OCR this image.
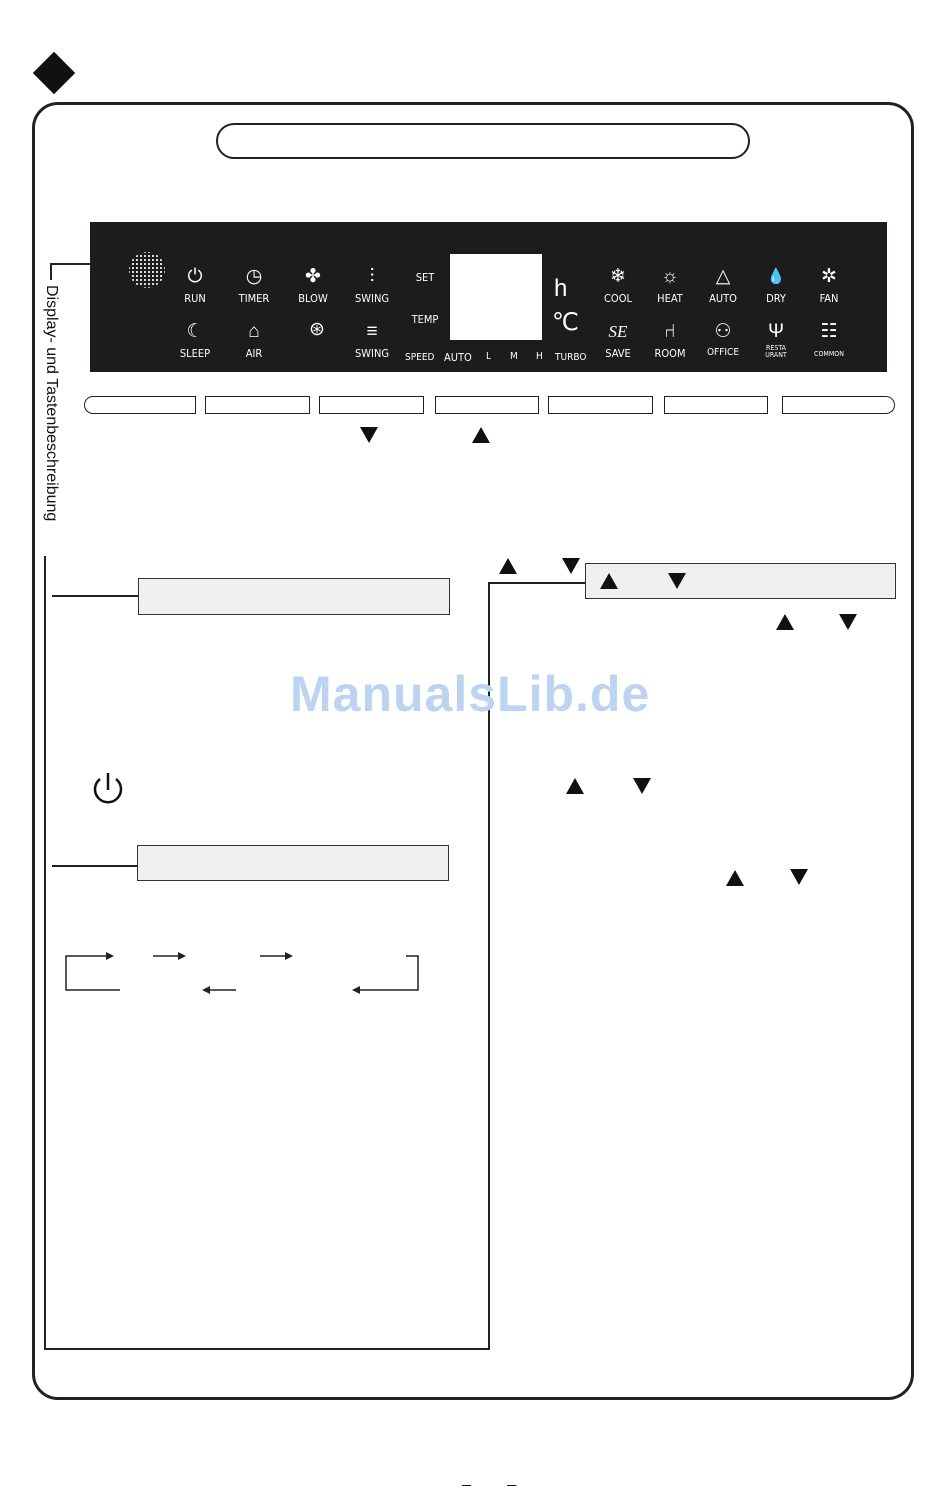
Display- und Tastenbeschreibung
⏻
RUN
◷
TIMER
✤
BLOW
⫶
SWING
☾
SLEEP
⌂
AIR
⊛	≡
SWING
SET
TEMP
h
℃
SPEED AUTO L M H TURBO
❄
COOL
☼
HEAT
△
AUTO
💧
DRY
✲
FAN
SE
SAVE
⑁
ROOM
⚇
OFFICE
Ψ
RESTA URANT
☷
COMMON
ManualsLib.de
_ _
